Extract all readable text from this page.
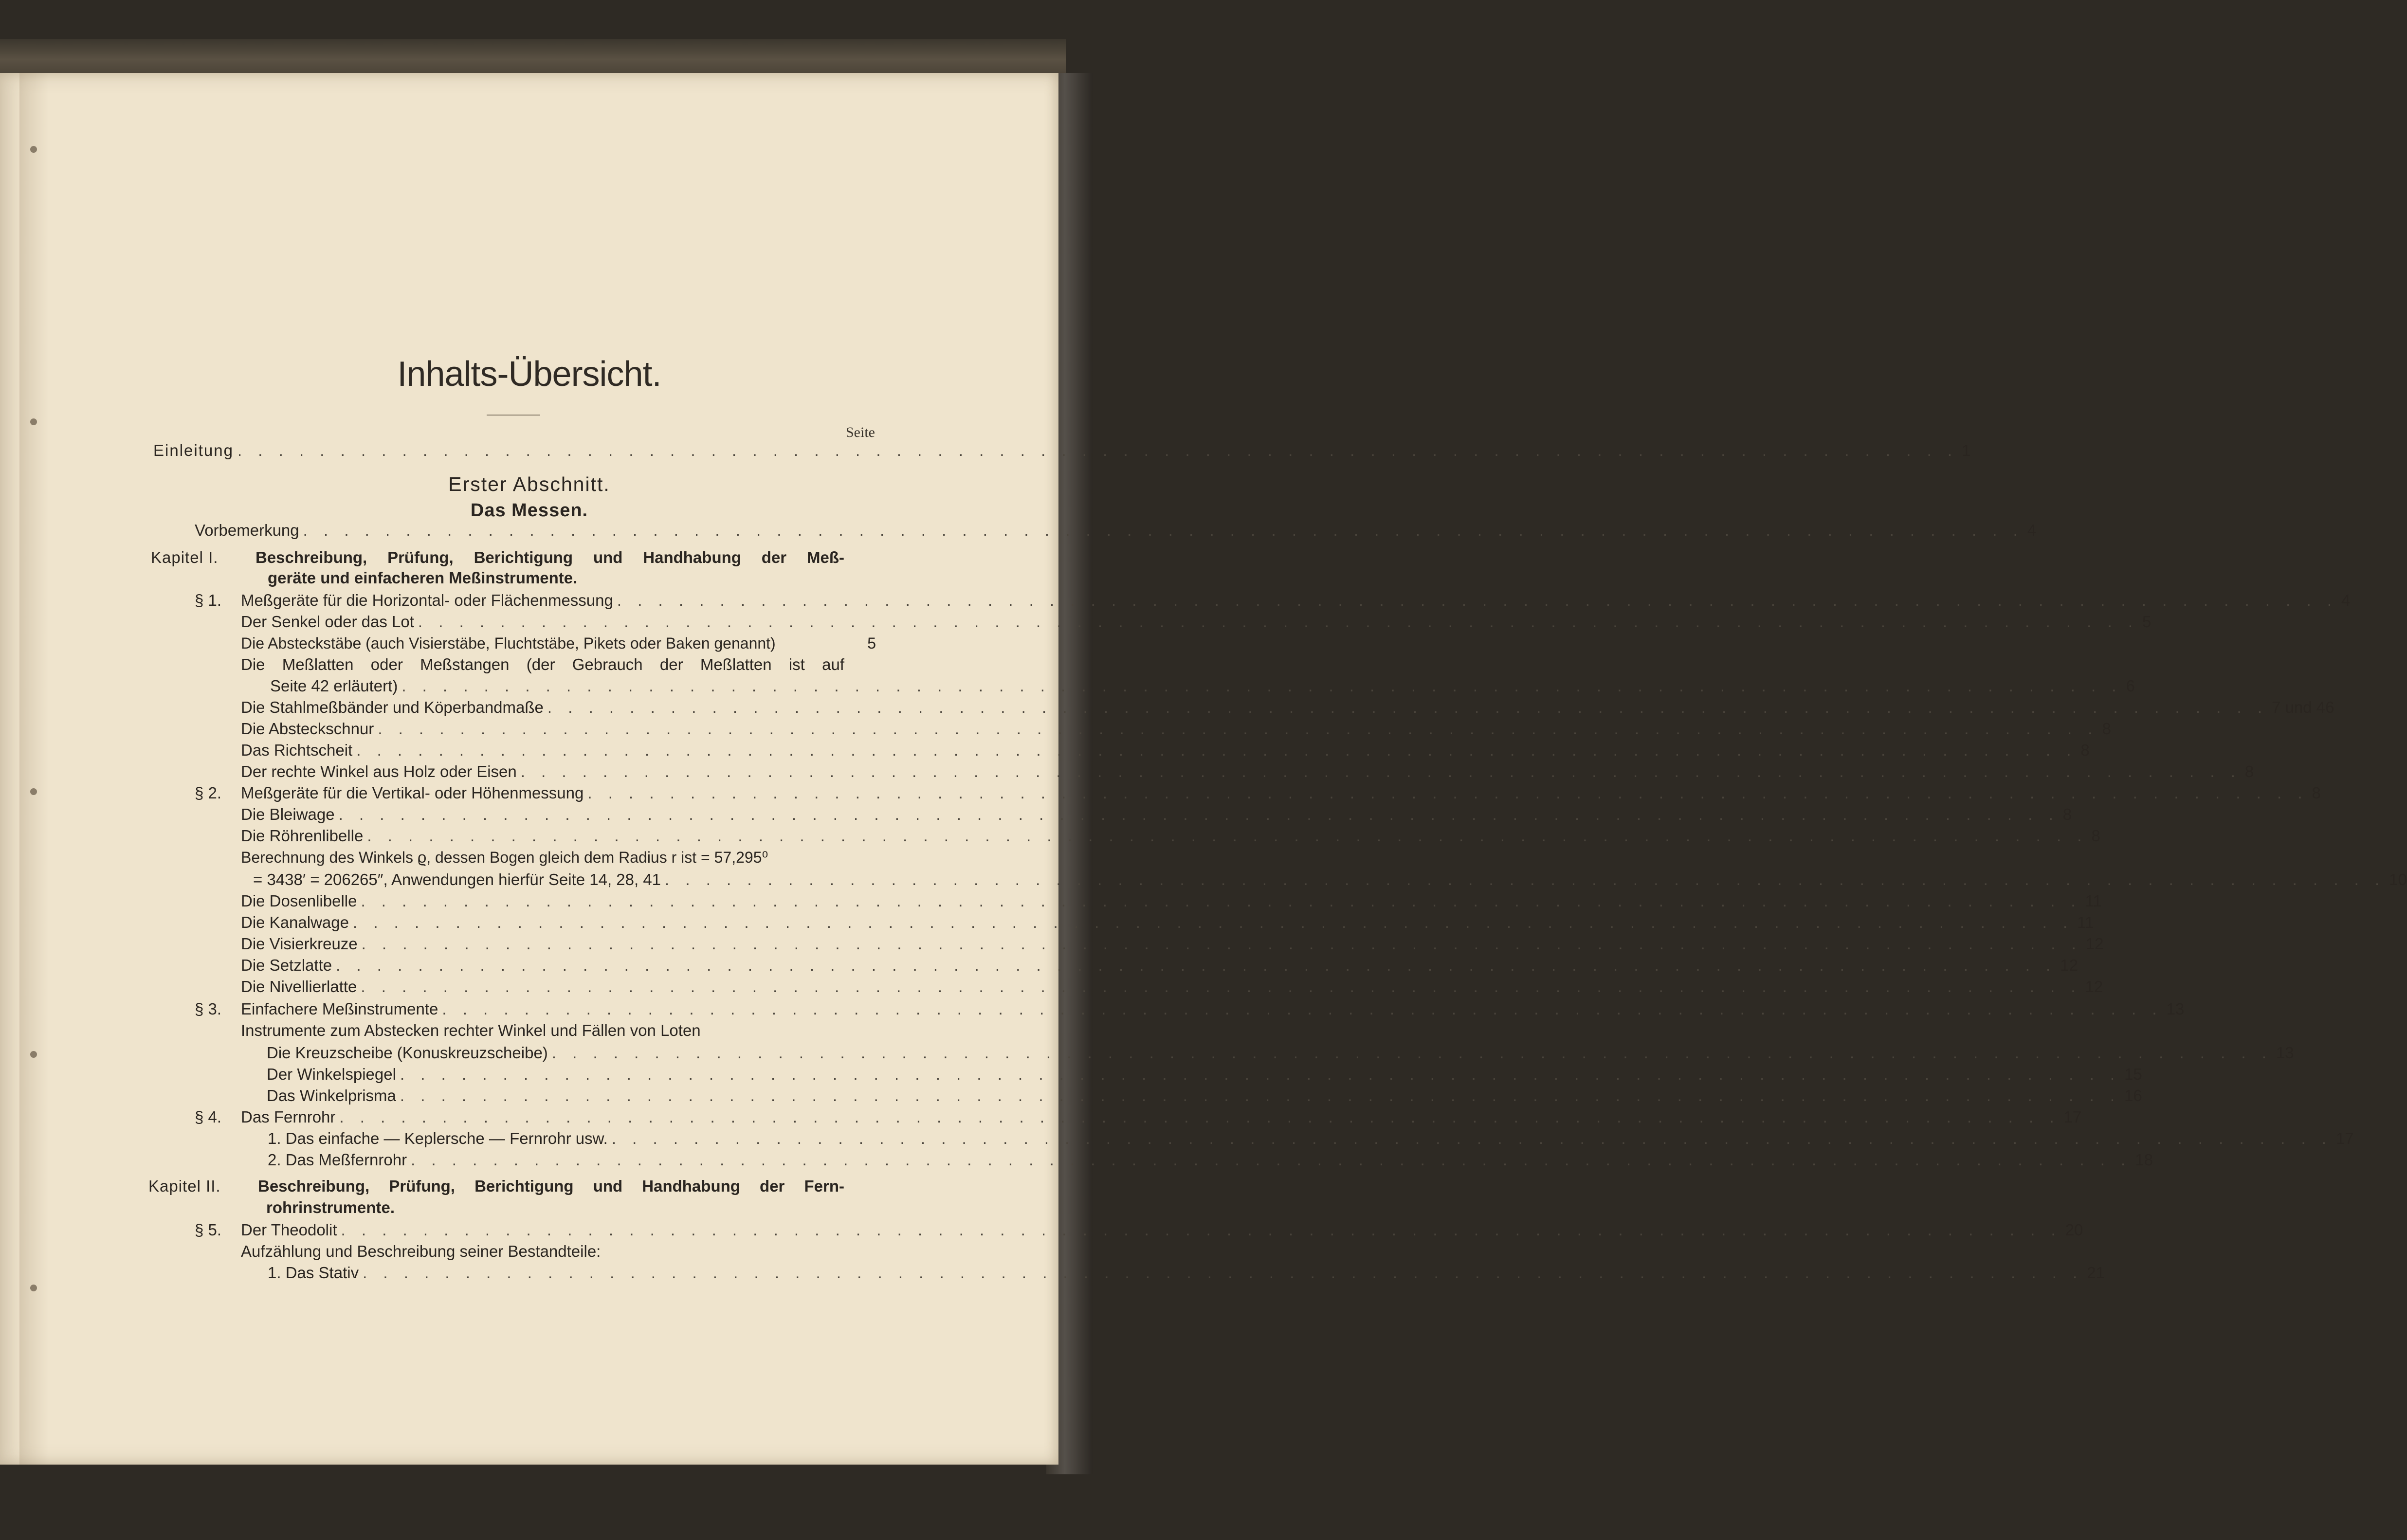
Inhalts-Übersicht.
Seite
Einleitung . . . . . . . . . . . . . . . . . . . . . . . . . . . . . . . . . . . . . . . . . . . . . . . . . . . . . . . . . . . . . . . . . . . . . . . . . . . . . . . . . . . . 1
Erster Abschnitt.
Das Messen.
Vorbemerkung . . . . . . . . . . . . . . . . . . . . . . . . . . . . . . . . . . . . . . . . . . . . . . . . . . . . . . . . . . . . . . . . . . . . . . . . . . . . . . . . . . . . 4
Kapitel I. Beschreibung, Prüfung, Berichtigung und Handhabung der Meß-
geräte und einfacheren Meßinstrumente.
§ 1. Meßgeräte für die Horizontal- oder Flächenmessung . . . . . . . . . . . . . . . . . . . . . . . . . . . . . . . . . . . . . . . . . . . . . . . . . . . . . . . . . . . . . . . . . . . . . . . . . . . . . . . . . . . . 4
Der Senkel oder das Lot . . . . . . . . . . . . . . . . . . . . . . . . . . . . . . . . . . . . . . . . . . . . . . . . . . . . . . . . . . . . . . . . . . . . . . . . . . . . . . . . . . . . 5
Die Absteckstäbe (auch Visierstäbe, Fluchtstäbe, Pikets oder Baken genannt)	5
Die Meßlatten oder Meßstangen (der Gebrauch der Meßlatten ist auf
Seite 42 erläutert) . . . . . . . . . . . . . . . . . . . . . . . . . . . . . . . . . . . . . . . . . . . . . . . . . . . . . . . . . . . . . . . . . . . . . . . . . . . . . . . . . . . . 6
Die Stahlmeßbänder und Köperbandmaße . . . . . . . . . . . . . . . . . . . . . . . . . . . . . . . . . . . . . . . . . . . . . . . . . . . . . . . . . . . . . . . . . . . . . . . . . . . . . . . . . . . . 7 und 46
Die Absteckschnur . . . . . . . . . . . . . . . . . . . . . . . . . . . . . . . . . . . . . . . . . . . . . . . . . . . . . . . . . . . . . . . . . . . . . . . . . . . . . . . . . . . . 8
Das Richtscheit . . . . . . . . . . . . . . . . . . . . . . . . . . . . . . . . . . . . . . . . . . . . . . . . . . . . . . . . . . . . . . . . . . . . . . . . . . . . . . . . . . . . 8
Der rechte Winkel aus Holz oder Eisen . . . . . . . . . . . . . . . . . . . . . . . . . . . . . . . . . . . . . . . . . . . . . . . . . . . . . . . . . . . . . . . . . . . . . . . . . . . . . . . . . . . . 8
§ 2. Meßgeräte für die Vertikal- oder Höhenmessung . . . . . . . . . . . . . . . . . . . . . . . . . . . . . . . . . . . . . . . . . . . . . . . . . . . . . . . . . . . . . . . . . . . . . . . . . . . . . . . . . . . . 8
Die Bleiwage . . . . . . . . . . . . . . . . . . . . . . . . . . . . . . . . . . . . . . . . . . . . . . . . . . . . . . . . . . . . . . . . . . . . . . . . . . . . . . . . . . . . 8
Die Röhrenlibelle . . . . . . . . . . . . . . . . . . . . . . . . . . . . . . . . . . . . . . . . . . . . . . . . . . . . . . . . . . . . . . . . . . . . . . . . . . . . . . . . . . . . 8
Berechnung des Winkels ϱ, dessen Bogen gleich dem Radius r ist = 57,295⁰
= 3438′ = 206265″, Anwendungen hierfür Seite 14, 28, 41 . . . . . . . . . . . . . . . . . . . . . . . . . . . . . . . . . . . . . . . . . . . . . . . . . . . . . . . . . . . . . . . . . . . . . . . . . . . . . . . . . . . . 10
Die Dosenlibelle . . . . . . . . . . . . . . . . . . . . . . . . . . . . . . . . . . . . . . . . . . . . . . . . . . . . . . . . . . . . . . . . . . . . . . . . . . . . . . . . . . . . 11
Die Kanalwage . . . . . . . . . . . . . . . . . . . . . . . . . . . . . . . . . . . . . . . . . . . . . . . . . . . . . . . . . . . . . . . . . . . . . . . . . . . . . . . . . . . . 11
Die Visierkreuze . . . . . . . . . . . . . . . . . . . . . . . . . . . . . . . . . . . . . . . . . . . . . . . . . . . . . . . . . . . . . . . . . . . . . . . . . . . . . . . . . . . . 12
Die Setzlatte . . . . . . . . . . . . . . . . . . . . . . . . . . . . . . . . . . . . . . . . . . . . . . . . . . . . . . . . . . . . . . . . . . . . . . . . . . . . . . . . . . . . 12
Die Nivellierlatte . . . . . . . . . . . . . . . . . . . . . . . . . . . . . . . . . . . . . . . . . . . . . . . . . . . . . . . . . . . . . . . . . . . . . . . . . . . . . . . . . . . . 12
§ 3. Einfachere Meßinstrumente . . . . . . . . . . . . . . . . . . . . . . . . . . . . . . . . . . . . . . . . . . . . . . . . . . . . . . . . . . . . . . . . . . . . . . . . . . . . . . . . . . . . 13
Instrumente zum Abstecken rechter Winkel und Fällen von Loten
Die Kreuzscheibe (Konuskreuzscheibe) . . . . . . . . . . . . . . . . . . . . . . . . . . . . . . . . . . . . . . . . . . . . . . . . . . . . . . . . . . . . . . . . . . . . . . . . . . . . . . . . . . . . 13
Der Winkelspiegel . . . . . . . . . . . . . . . . . . . . . . . . . . . . . . . . . . . . . . . . . . . . . . . . . . . . . . . . . . . . . . . . . . . . . . . . . . . . . . . . . . . . 15
Das Winkelprisma . . . . . . . . . . . . . . . . . . . . . . . . . . . . . . . . . . . . . . . . . . . . . . . . . . . . . . . . . . . . . . . . . . . . . . . . . . . . . . . . . . . . 16
§ 4. Das Fernrohr . . . . . . . . . . . . . . . . . . . . . . . . . . . . . . . . . . . . . . . . . . . . . . . . . . . . . . . . . . . . . . . . . . . . . . . . . . . . . . . . . . . . 17
1. Das einfache — Keplersche — Fernrohr usw. . . . . . . . . . . . . . . . . . . . . . . . . . . . . . . . . . . . . . . . . . . . . . . . . . . . . . . . . . . . . . . . . . . . . . . . . . . . . . . . . . . . . 17
2. Das Meßfernrohr . . . . . . . . . . . . . . . . . . . . . . . . . . . . . . . . . . . . . . . . . . . . . . . . . . . . . . . . . . . . . . . . . . . . . . . . . . . . . . . . . . . . 18
Kapitel II. Beschreibung, Prüfung, Berichtigung und Handhabung der Fern-
rohrinstrumente.
§ 5. Der Theodolit . . . . . . . . . . . . . . . . . . . . . . . . . . . . . . . . . . . . . . . . . . . . . . . . . . . . . . . . . . . . . . . . . . . . . . . . . . . . . . . . . . . . 20
Aufzählung und Beschreibung seiner Bestandteile:
1. Das Stativ . . . . . . . . . . . . . . . . . . . . . . . . . . . . . . . . . . . . . . . . . . . . . . . . . . . . . . . . . . . . . . . . . . . . . . . . . . . . . . . . . . . . 21
